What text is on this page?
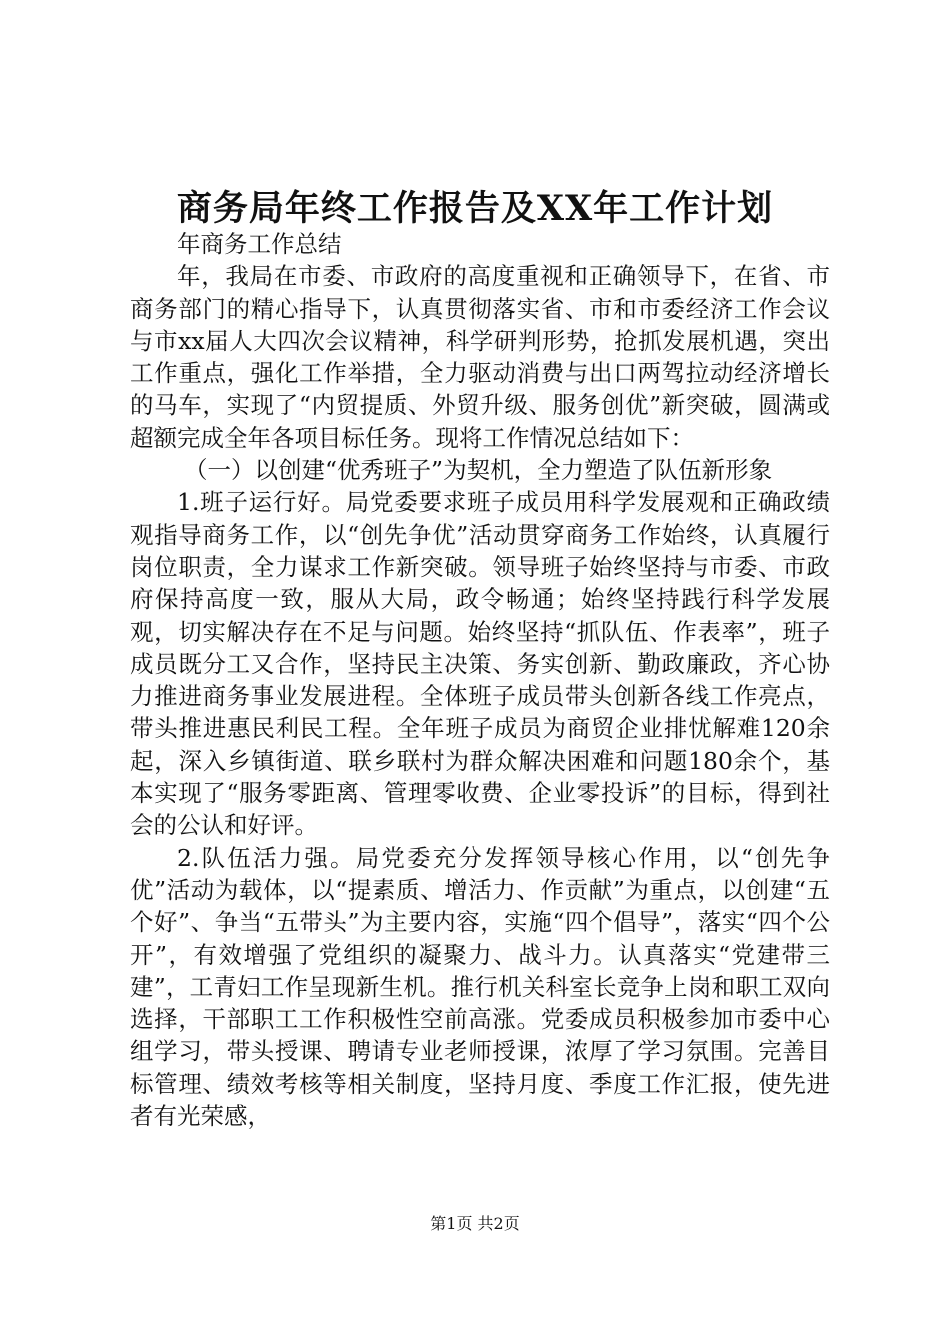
商务局年终工作报告及XX年工作计划

年商务工作总结

年，我局在市委、市政府的高度重视和正确领导下，在省、市商务部门的精心指导下，认真贯彻落实省、市和市委经济工作会议与市xx届人大四次会议精神，科学研判形势，抢抓发展机遇，突出工作重点，强化工作举措，全力驱动消费与出口两驾拉动经济增长的马车，实现了“内贸提质、外贸升级、服务创优”新突破，圆满或超额完成全年各项目标任务。现将工作情况总结如下：

（一）以创建“优秀班子”为契机，全力塑造了队伍新形象

1.班子运行好。局党委要求班子成员用科学发展观和正确政绩观指导商务工作，以“创先争优”活动贯穿商务工作始终，认真履行岗位职责，全力谋求工作新突破。领导班子始终坚持与市委、市政府保持高度一致，服从大局，政令畅通；始终坚持践行科学发展观，切实解决存在不足与问题。始终坚持“抓队伍、作表率”，班子成员既分工又合作，坚持民主决策、务实创新、勤政廉政，齐心协力推进商务事业发展进程。全体班子成员带头创新各线工作亮点，带头推进惠民利民工程。全年班子成员为商贸企业排忧解难120余起，深入乡镇街道、联乡联村为群众解决困难和问题180余个，基本实现了“服务零距离、管理零收费、企业零投诉”的目标，得到社会的公认和好评。

2.队伍活力强。局党委充分发挥领导核心作用，以“创先争优”活动为载体，以“提素质、增活力、作贡献”为重点，以创建“五个好”、争当“五带头”为主要内容，实施“四个倡导”，落实“四个公开”，有效增强了党组织的凝聚力、战斗力。认真落实“党建带三建”，工青妇工作呈现新生机。推行机关科室长竞争上岗和职工双向选择，干部职工工作积极性空前高涨。党委成员积极参加市委中心组学习，带头授课、聘请专业老师授课，浓厚了学习氛围。完善目标管理、绩效考核等相关制度，坚持月度、季度工作汇报，使先进者有光荣感，

第1页 共2页
